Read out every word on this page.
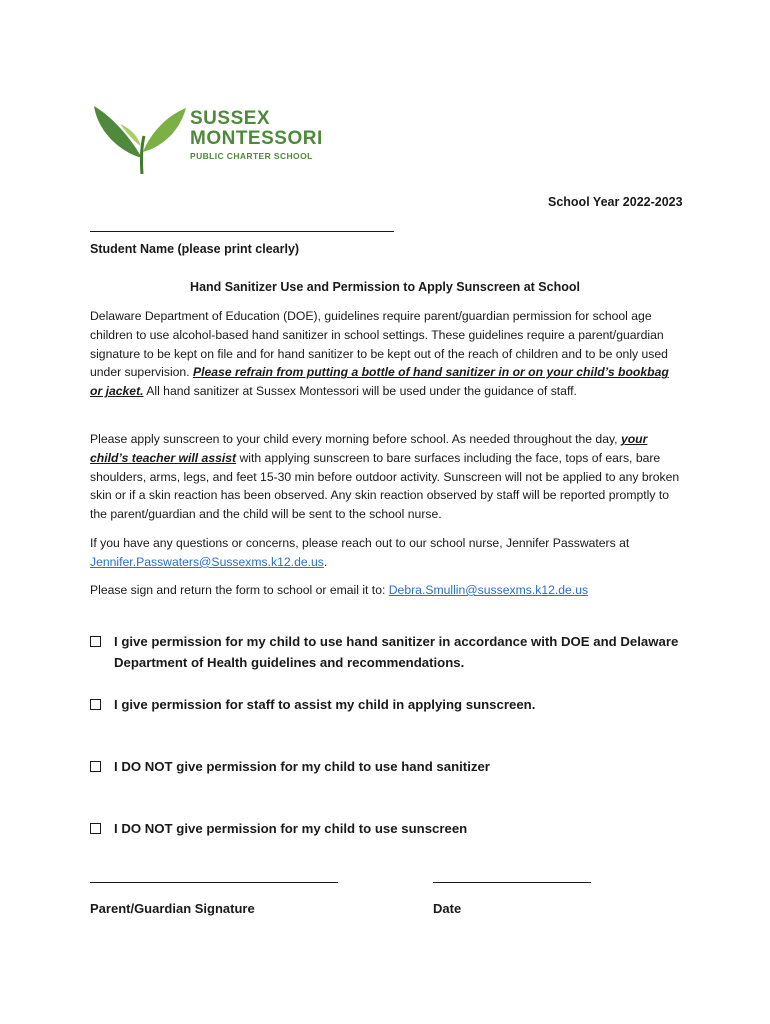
SUSSEX
MONTESSORI
PUBLIC CHARTER SCHOOL
School Year 2022-2023
Student Name (please print clearly)
Hand Sanitizer Use and Permission to Apply Sunscreen at School
Delaware Department of Education (DOE), guidelines require parent/guardian permission for school age children to use alcohol-based hand sanitizer in school settings. These guidelines require a parent/guardian signature to be kept on file and for hand sanitizer to be kept out of the reach of children and to be only used under supervision. Please refrain from putting a bottle of hand sanitizer in or on your child’s bookbag or jacket. All hand sanitizer at Sussex Montessori will be used under the guidance of staff.
Please apply sunscreen to your child every morning before school. As needed throughout the day, your child’s teacher will assist with applying sunscreen to bare surfaces including the face, tops of ears, bare shoulders, arms, legs, and feet 15-30 min before outdoor activity. Sunscreen will not be applied to any broken skin or if a skin reaction has been observed. Any skin reaction observed by staff will be reported promptly to the parent/guardian and the child will be sent to the school nurse.
If you have any questions or concerns, please reach out to our school nurse, Jennifer Passwaters at Jennifer.Passwaters@Sussexms.k12.de.us.
Please sign and return the form to school or email it to: Debra.Smullin@sussexms.k12.de.us
I give permission for my child to use hand sanitizer in accordance with DOE and Delaware Department of Health guidelines and recommendations.
I give permission for staff to assist my child in applying sunscreen.
I DO NOT give permission for my child to use hand sanitizer
I DO NOT give permission for my child to use sunscreen
Parent/Guardian Signature	Date
